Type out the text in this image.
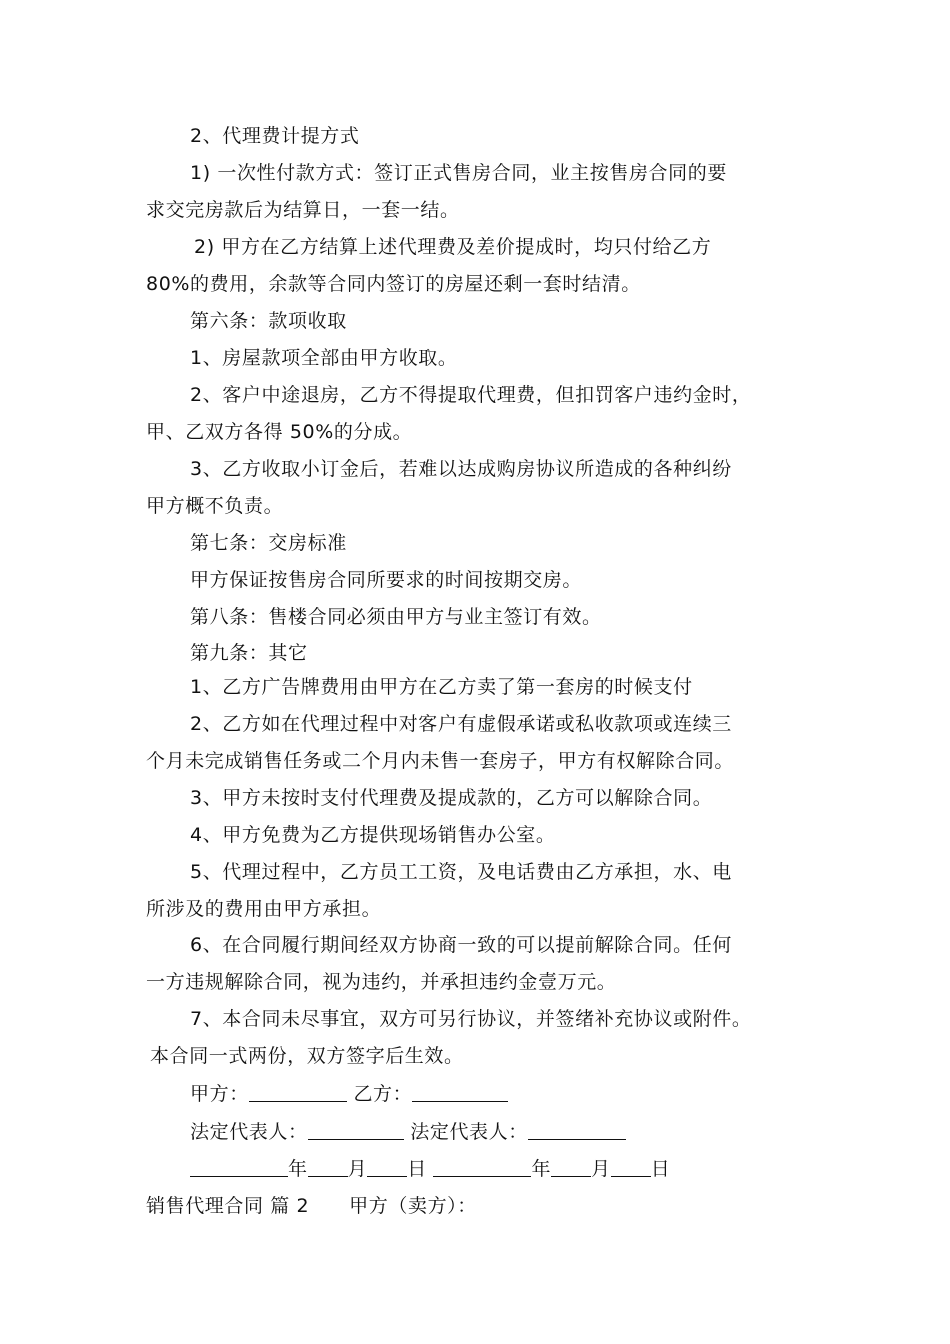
2、代理费计提方式
1) 一次性付款方式：签订正式售房合同，业主按售房合同的要
求交完房款后为结算日，一套一结。
2) 甲方在乙方结算上述代理费及差价提成时，均只付给乙方
80%的费用，余款等合同内签订的房屋还剩一套时结清。
第六条：款项收取
1、房屋款项全部由甲方收取。
2、客户中途退房，乙方不得提取代理费，但扣罚客户违约金时，
甲、乙双方各得 50%的分成。
3、乙方收取小订金后，若难以达成购房协议所造成的各种纠纷
甲方概不负责。
第七条：交房标准
甲方保证按售房合同所要求的时间按期交房。
第八条：售楼合同必须由甲方与业主签订有效。
第九条：其它
1、乙方广告牌费用由甲方在乙方卖了第一套房的时候支付
2、乙方如在代理过程中对客户有虚假承诺或私收款项或连续三
个月未完成销售任务或二个月内未售一套房子，甲方有权解除合同。
3、甲方未按时支付代理费及提成款的，乙方可以解除合同。
4、甲方免费为乙方提供现场销售办公室。
5、代理过程中，乙方员工工资，及电话费由乙方承担，水、电
所涉及的费用由甲方承担。
6、在合同履行期间经双方协商一致的可以提前解除合同。任何
一方违规解除合同，视为违约，并承担违约金壹万元。
7、本合同未尽事宜，双方可另行协议，并签绪补充协议或附件。
本合同一式两份，双方签字后生效。
甲方：	乙方：
法定代表人：	法定代表人：
年 月 日	年 月 日
销售代理合同 篇 2 甲方（卖方）：
